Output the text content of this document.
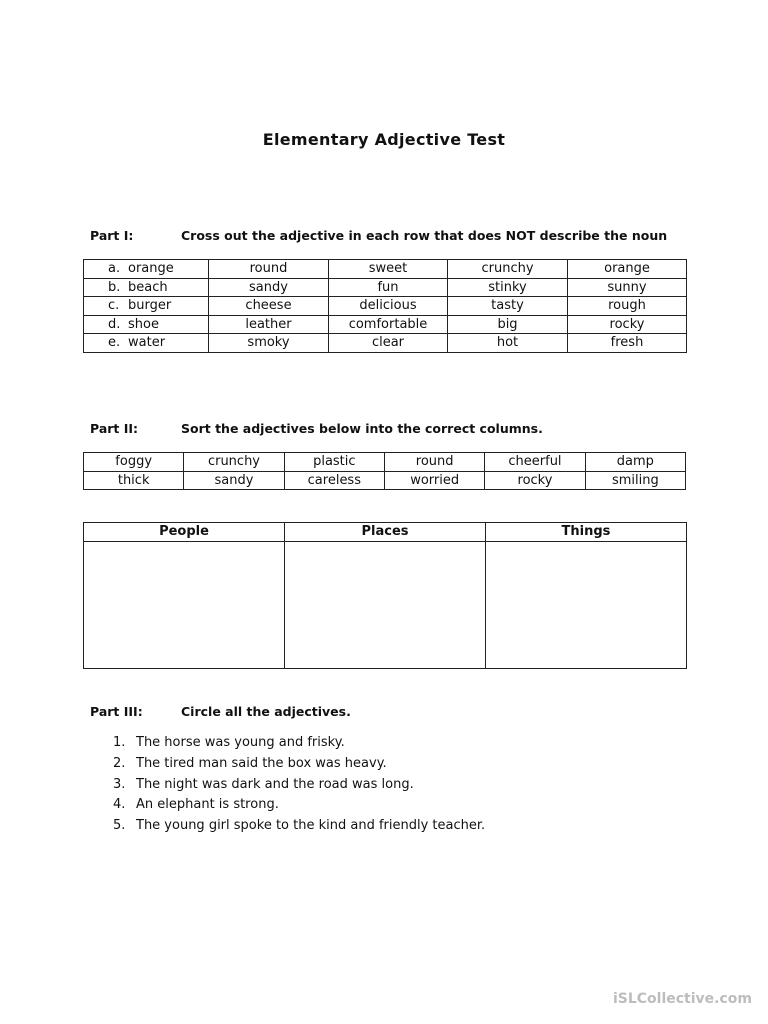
Elementary Adjective Test
Part I:	Cross out the adjective in each row that does NOT describe the noun
a. orange	round	sweet	crunchy	orange
b. beach	sandy	fun	stinky	sunny
c. burger	cheese	delicious	tasty	rough
d. shoe	leather	comfortable	big	rocky
e. water	smoky	clear	hot	fresh
Part II:	Sort the adjectives below into the correct columns.
foggy	crunchy	plastic	round	cheerful	damp
thick	sandy	careless	worried	rocky	smiling
People	Places	Things

Part III:	Circle all the adjectives.
1. The horse was young and frisky.
2. The tired man said the box was heavy.
3. The night was dark and the road was long.
4. An elephant is strong.
5. The young girl spoke to the kind and friendly teacher.
iSLCollective.com
